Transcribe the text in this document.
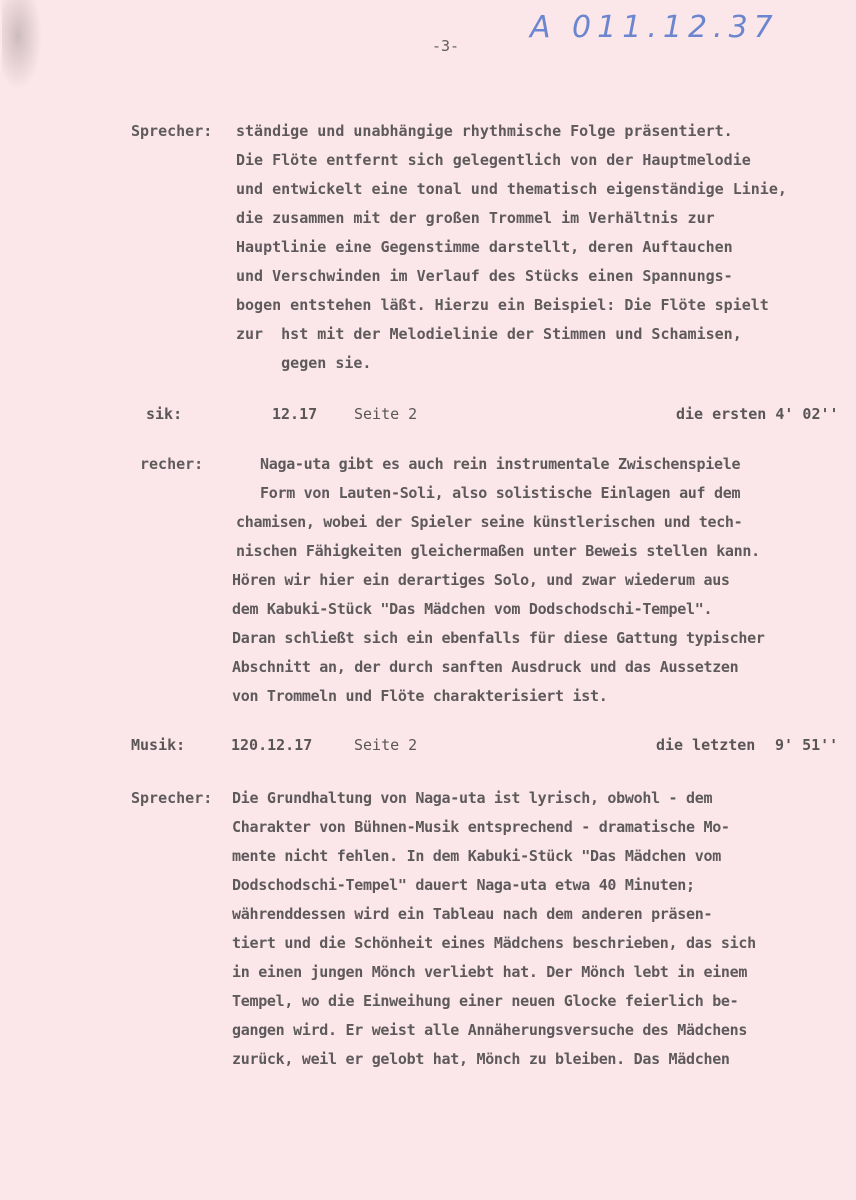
A 011.12.37
-3-
Sprecher: ständige und unabhängige rhythmische Folge präsentiert.
Die Flöte entfernt sich gelegentlich von der Hauptmelodie
und entwickelt eine tonal und thematisch eigenständige Linie,
die zusammen mit der großen Trommel im Verhältnis zur
Hauptlinie eine Gegenstimme darstellt, deren Auftauchen
und Verschwinden im Verlauf des Stücks einen Spannungs-
bogen entstehen läßt. Hierzu ein Beispiel: Die Flöte spielt
zur  hst mit der Melodielinie der Stimmen und Schamisen,
gegen sie.
sik:	12.17 Seite 2	die ersten 4' 02''
recher:	Naga-uta gibt es auch rein instrumentale Zwischenspiele
Form von Lauten-Soli, also solistische Einlagen auf dem
chamisen, wobei der Spieler seine künstlerischen und tech-
nischen Fähigkeiten gleichermaßen unter Beweis stellen kann.
Hören wir hier ein derartiges Solo, und zwar wiederum aus
dem Kabuki-Stück "Das Mädchen vom Dodschodschi-Tempel".
Daran schließt sich ein ebenfalls für diese Gattung typischer
Abschnitt an, der durch sanften Ausdruck und das Aussetzen
von Trommeln und Flöte charakterisiert ist.
Musik:	120.12.17	Seite 2	die letzten 9' 51''
Sprecher: Die Grundhaltung von Naga-uta ist lyrisch, obwohl - dem
Charakter von Bühnen-Musik entsprechend - dramatische Mo-
mente nicht fehlen. In dem Kabuki-Stück "Das Mädchen vom
Dodschodschi-Tempel" dauert Naga-uta etwa 40 Minuten;
währenddessen wird ein Tableau nach dem anderen präsen-
tiert und die Schönheit eines Mädchens beschrieben, das sich
in einen jungen Mönch verliebt hat. Der Mönch lebt in einem
Tempel, wo die Einweihung einer neuen Glocke feierlich be-
gangen wird. Er weist alle Annäherungsversuche des Mädchens
zurück, weil er gelobt hat, Mönch zu bleiben. Das Mädchen
